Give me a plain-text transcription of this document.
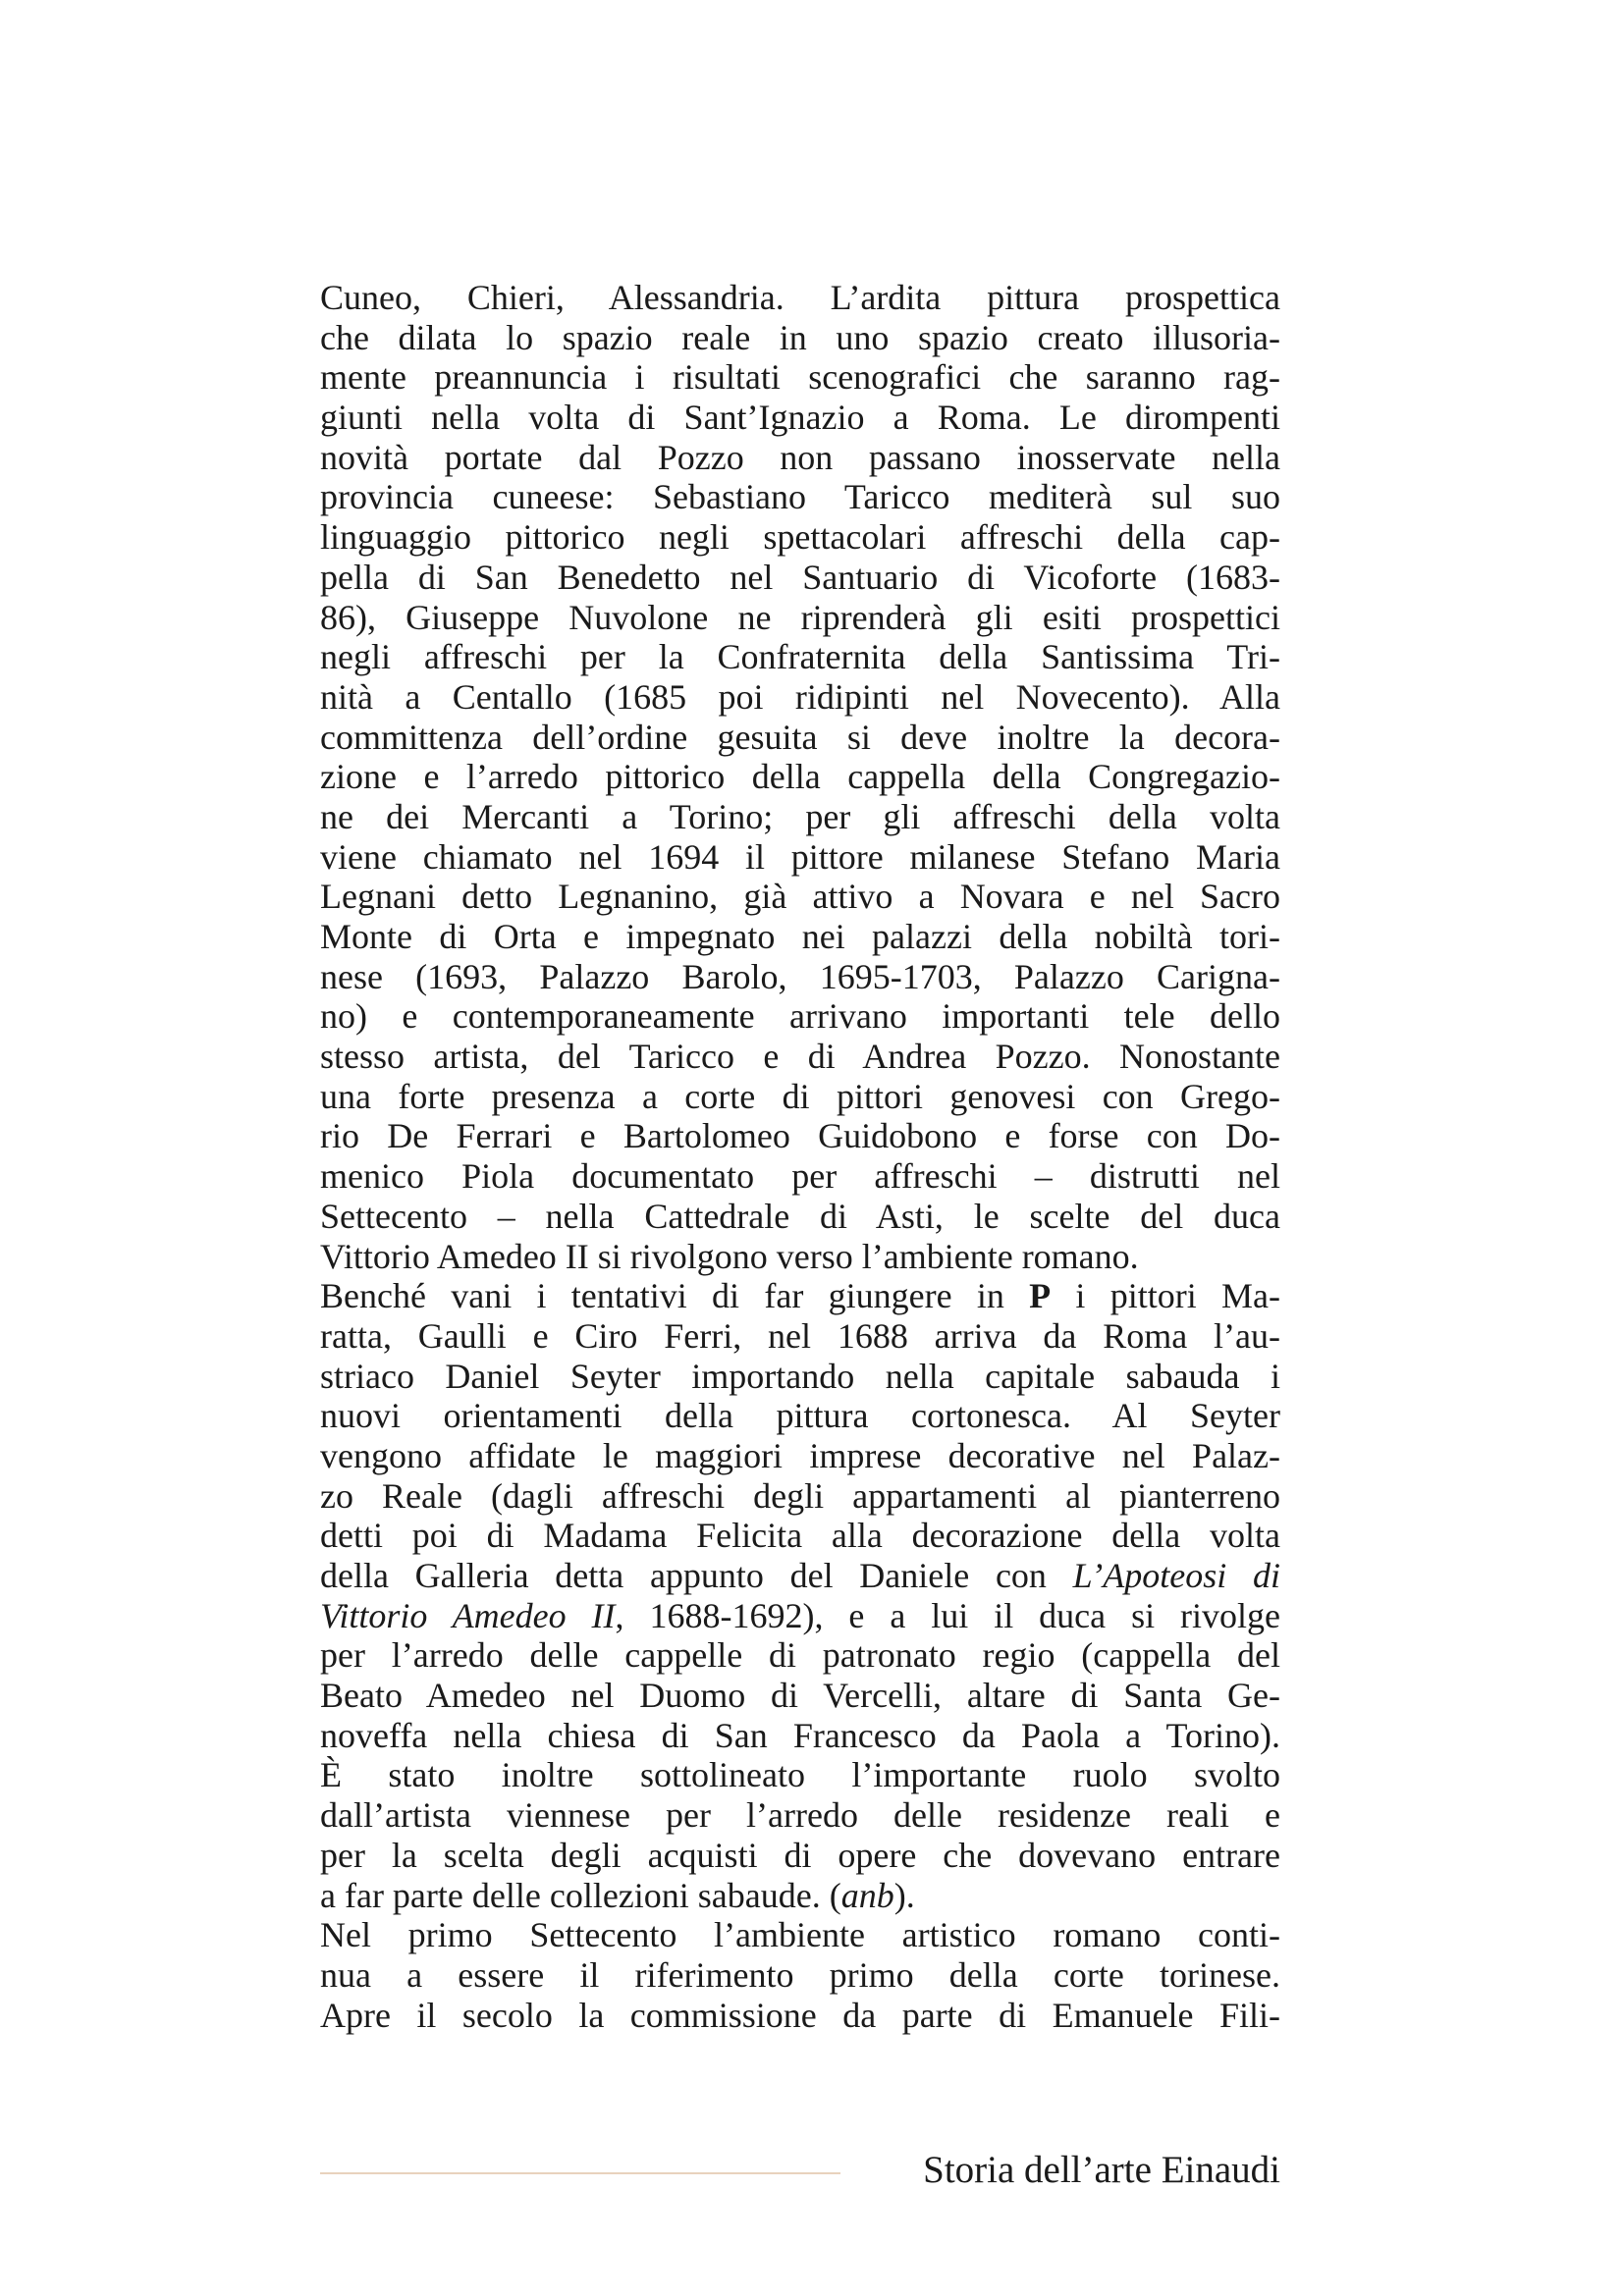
Cuneo, Chieri, Alessandria. L’ardita pittura prospettica
che dilata lo spazio reale in uno spazio creato illusoria-
mente preannuncia i risultati scenografici che saranno rag-
giunti nella volta di Sant’Ignazio a Roma. Le dirompenti
novità portate dal Pozzo non passano inosservate nella
provincia cuneese: Sebastiano Taricco mediterà sul suo
linguaggio pittorico negli spettacolari affreschi della cap-
pella di San Benedetto nel Santuario di Vicoforte (1683-
86), Giuseppe Nuvolone ne riprenderà gli esiti prospettici
negli affreschi per la Confraternita della Santissima Tri-
nità a Centallo (1685 poi ridipinti nel Novecento). Alla
committenza dell’ordine gesuita si deve inoltre la decora-
zione e l’arredo pittorico della cappella della Congregazio-
ne dei Mercanti a Torino; per gli affreschi della volta
viene chiamato nel 1694 il pittore milanese Stefano Maria
Legnani detto Legnanino, già attivo a Novara e nel Sacro
Monte di Orta e impegnato nei palazzi della nobiltà tori-
nese (1693, Palazzo Barolo, 1695-1703, Palazzo Carigna-
no) e contemporaneamente arrivano importanti tele dello
stesso artista, del Taricco e di Andrea Pozzo. Nonostante
una forte presenza a corte di pittori genovesi con Grego-
rio De Ferrari e Bartolomeo Guidobono e forse con Do-
menico Piola documentato per affreschi – distrutti nel
Settecento – nella Cattedrale di Asti, le scelte del duca
Vittorio Amedeo II si rivolgono verso l’ambiente romano.
Benché vani i tentativi di far giungere in P i pittori Ma-
ratta, Gaulli e Ciro Ferri, nel 1688 arriva da Roma l’au-
striaco Daniel Seyter importando nella capitale sabauda i
nuovi orientamenti della pittura cortonesca. Al Seyter
vengono affidate le maggiori imprese decorative nel Palaz-
zo Reale (dagli affreschi degli appartamenti al pianterreno
detti poi di Madama Felicita alla decorazione della volta
della Galleria detta appunto del Daniele con L’Apoteosi di
Vittorio Amedeo II, 1688-1692), e a lui il duca si rivolge
per l’arredo delle cappelle di patronato regio (cappella del
Beato Amedeo nel Duomo di Vercelli, altare di Santa Ge-
noveffa nella chiesa di San Francesco da Paola a Torino).
È stato inoltre sottolineato l’importante ruolo svolto
dall’artista viennese per l’arredo delle residenze reali e
per la scelta degli acquisti di opere che dovevano entrare
a far parte delle collezioni sabaude. (anb).
Nel primo Settecento l’ambiente artistico romano conti-
nua a essere il riferimento primo della corte torinese.
Apre il secolo la commissione da parte di Emanuele Fili-
Storia dell’arte Einaudi
